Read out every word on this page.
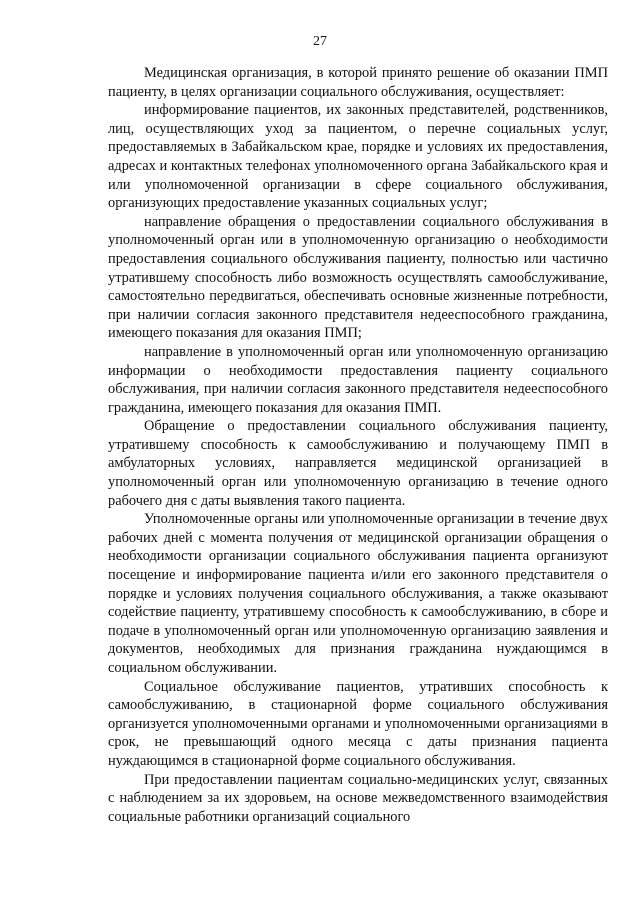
27

Медицинская организация, в которой принято решение об оказании ПМП пациенту, в целях организации социального обслуживания, осуществляет:

информирование пациентов, их законных представителей, родственников, лиц, осуществляющих уход за пациентом, о перечне социальных услуг, предоставляемых в Забайкальском крае, порядке и условиях их предоставления, адресах и контактных телефонах уполномоченного органа Забайкальского края и или уполномоченной организации в сфере социального обслуживания, организующих предоставление указанных социальных услуг;

направление обращения о предоставлении социального обслуживания в уполномоченный орган или в уполномоченную организацию о необходимости предоставления социального обслуживания пациенту, полностью или частично утратившему способность либо возможность осуществлять самообслуживание, самостоятельно передвигаться, обеспечивать основные жизненные потребности, при наличии согласия законного представителя недееспособного гражданина, имеющего показания для оказания ПМП;

направление в уполномоченный орган или уполномоченную организацию информации о необходимости предоставления пациенту социального обслуживания, при наличии согласия законного представителя недееспособного гражданина, имеющего показания для оказания ПМП.

Обращение о предоставлении социального обслуживания пациенту, утратившему способность к самообслуживанию и получающему ПМП в амбулаторных условиях, направляется медицинской организацией в уполномоченный орган или уполномоченную организацию в течение одного рабочего дня с даты выявления такого пациента.

Уполномоченные органы или уполномоченные организации в течение двух рабочих дней с момента получения от медицинской организации обращения о необходимости организации социального обслуживания пациента организуют посещение и информирование пациента и/или его законного представителя о порядке и условиях получения социального обслуживания, а также оказывают содействие пациенту, утратившему способность к самообслуживанию, в сборе и подаче в уполномоченный орган или уполномоченную организацию заявления и документов, необходимых для признания гражданина нуждающимся в социальном обслуживании.

Социальное обслуживание пациентов, утративших способность к самообслуживанию, в стационарной форме социального обслуживания организуется уполномоченными органами и уполномоченными организациями в срок, не превышающий одного месяца с даты признания пациента нуждающимся в стационарной форме социального обслуживания.

При предоставлении пациентам социально-медицинских услуг, связанных с наблюдением за их здоровьем, на основе межведомственного взаимодействия социальные работники организаций социального
